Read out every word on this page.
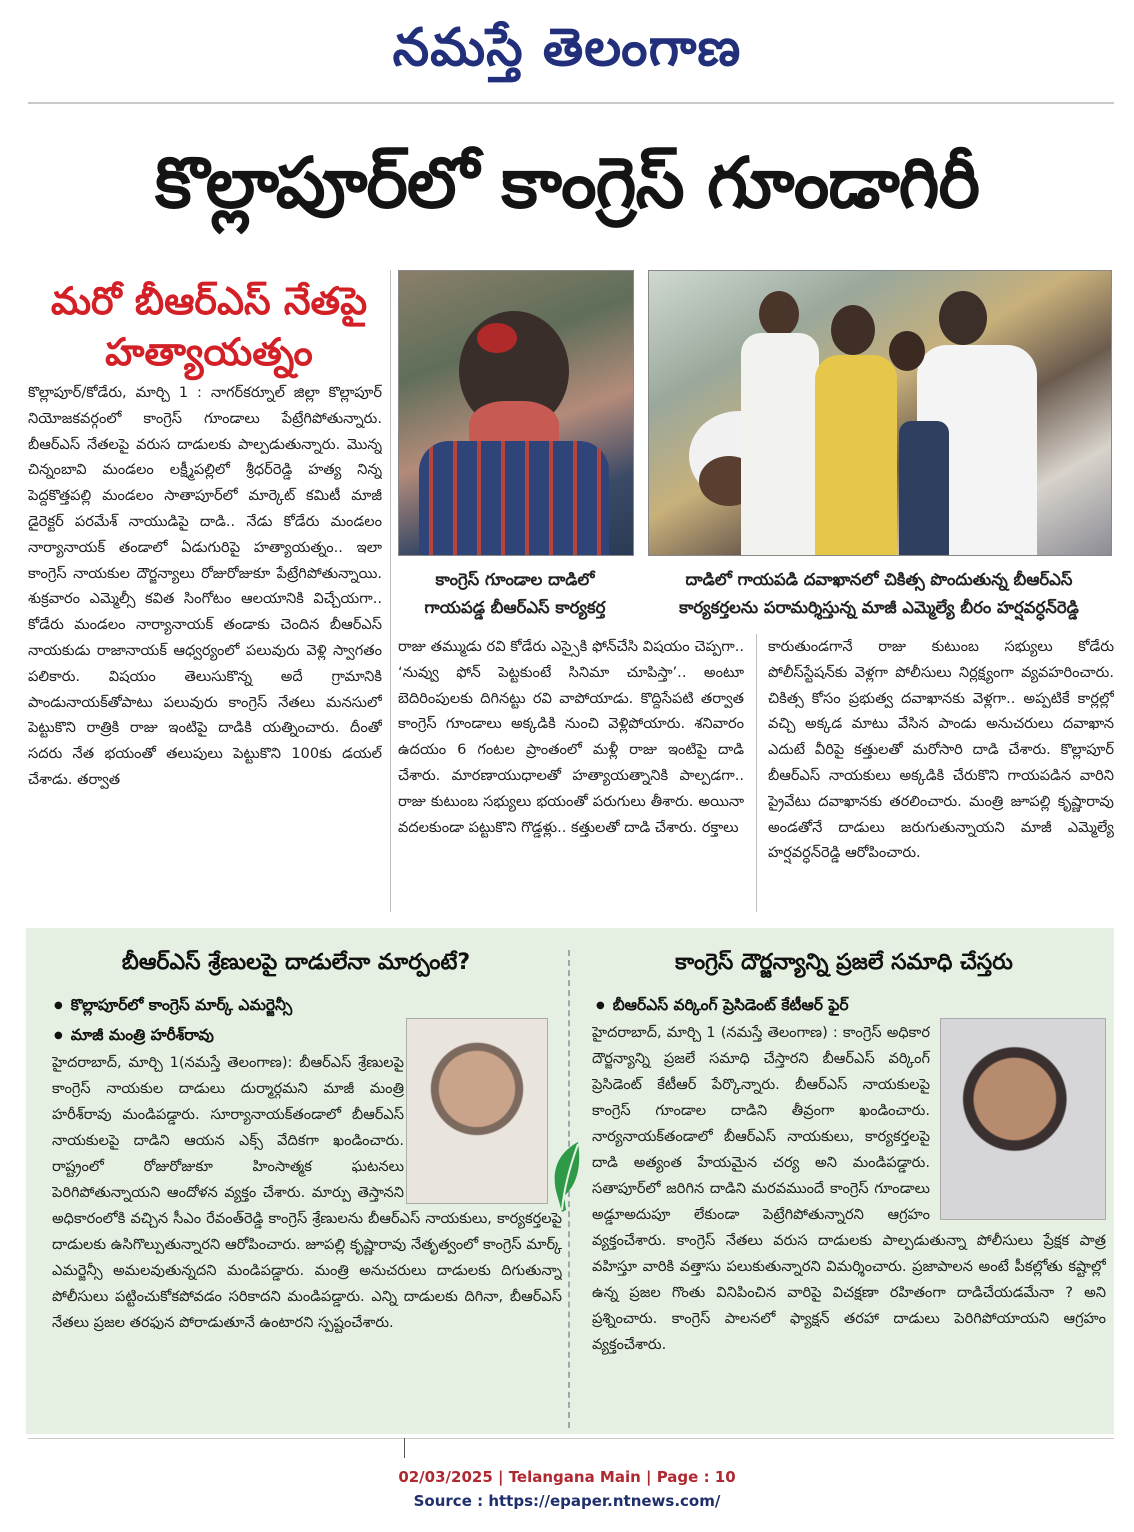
నమస్తే తెలంగాణ
కొల్లాపూర్‌లో కాంగ్రెస్ గూండాగిరీ
మరో బీఆర్‌ఎస్ నేతపై
హత్యాయత్నం
కాంగ్రెస్ గూండాల దాడిలో
గాయపడ్డ బీఆర్‌ఎస్ కార్యకర్త
దాడిలో గాయపడి దవాఖానలో చికిత్స పొందుతున్న బీఆర్‌ఎస్
కార్యకర్తలను పరామర్శిస్తున్న మాజీ ఎమ్మెల్యే బీరం హర్షవర్ధన్‌రెడ్డి
కొల్లాపూర్/కోడేరు, మార్చి 1 : నాగర్‌కర్నూల్ జిల్లా కొల్లాపూర్ నియోజకవర్గంలో కాంగ్రెస్ గూండాలు పేట్రేగిపోతున్నారు. బీఆర్‌ఎస్ నేతలపై వరుస దాడులకు పాల్పడుతున్నారు. మొన్న చిన్నంబావి మండలం లక్ష్మీపల్లిలో శ్రీధర్‌రెడ్డి హత్య నిన్న పెద్దకొత్తపల్లి మండలం సాతాపూర్‌లో మార్కెట్ కమిటీ మాజీ డైరెక్టర్ పరమేశ్ నాయుడిపై దాడి.. నేడు కోడేరు మండలం నార్యానాయక్ తండాలో ఏడుగురిపై హత్యాయత్నం.. ఇలా కాంగ్రెస్ నాయకుల దౌర్జన్యాలు రోజురోజుకూ పేట్రేగిపోతున్నాయి. శుక్రవారం ఎమ్మెల్సీ కవిత సింగోటం ఆలయానికి విచ్చేయగా.. కోడేరు మండలం నార్యానాయక్ తండాకు చెందిన బీఆర్‌ఎస్ నాయకుడు రాజానాయక్ ఆధ్వర్యంలో పలువురు వెళ్లి స్వాగతం పలికారు. విషయం తెలుసుకొన్న అదే గ్రామానికి పాండునాయక్‌తోపాటు పలువురు కాంగ్రెస్ నేతలు మనసులో పెట్టుకొని రాత్రికి రాజు ఇంటిపై దాడికి యత్నించారు. దీంతో సదరు నేత భయంతో తలుపులు పెట్టుకొని 100కు డయల్ చేశాడు. తర్వాత
రాజు తమ్ముడు రవి కోడేరు ఎస్సైకి ఫోన్‌చేసి విషయం చెప్పగా.. ‘నువ్వు ఫోన్ పెట్టకుంటే సినిమా చూపిస్తా’.. అంటూ బెదిరింపులకు దిగినట్టు రవి వాపోయాడు. కొద్దిసేపటి తర్వాత కాంగ్రెస్ గూండాలు అక్కడికి నుంచి వెళ్లిపోయారు. శనివారం ఉదయం 6 గంటల ప్రాంతంలో మళ్లీ రాజు ఇంటిపై దాడి చేశారు. మారణాయుధాలతో హత్యాయత్నానికి పాల్పడగా.. రాజు కుటుంబ సభ్యులు భయంతో పరుగులు తీశారు. అయినా వదలకుండా పట్టుకొని గొడ్డళ్లు.. కత్తులతో దాడి చేశారు. రక్తాలు
కారుతుండగానే రాజు కుటుంబ సభ్యులు కోడేరు పోలీస్‌స్టేషన్‌కు వెళ్లగా పోలీసులు నిర్లక్ష్యంగా వ్యవహరించారు. చికిత్స కోసం ప్రభుత్వ దవాఖానకు వెళ్లగా.. అప్పటికే కార్లల్లో వచ్చి అక్కడ మాటు వేసిన పాండు అనుచరులు దవాఖాన ఎదుటే వీరిపై కత్తులతో మరోసారి దాడి చేశారు. కొల్లాపూర్ బీఆర్‌ఎస్ నాయకులు అక్కడికి చేరుకొని గాయపడిన వారిని ప్రైవేటు దవాఖానకు తరలించారు. మంత్రి జూపల్లి కృష్ణారావు అండతోనే దాడులు జరుగుతున్నాయని మాజీ ఎమ్మెల్యే హర్షవర్ధన్‌రెడ్డి ఆరోపించారు.
బీఆర్‌ఎస్ శ్రేణులపై దాడులేనా మార్పంటే?
● కొల్లాపూర్‌లో కాంగ్రెస్ మార్క్ ఎమర్జెన్సీ
● మాజీ మంత్రి హరీశ్‌రావు
హైదరాబాద్, మార్చి 1(నమస్తే తెలంగాణ): బీఆర్‌ఎస్ శ్రేణులపై కాంగ్రెస్ నాయకుల దాడులు దుర్మార్గమని మాజీ మంత్రి హరీశ్‌రావు మండిపడ్డారు. సూర్యానాయక్‌తండాలో బీఆర్‌ఎస్ నాయకులపై దాడిని ఆయన ఎక్స్ వేదికగా ఖండించారు. రాష్ట్రంలో రోజురోజుకూ హింసాత్మక ఘటనలు పెరిగిపోతున్నాయని ఆందోళన వ్యక్తం చేశారు. మార్పు తెస్తానని అధికారంలోకి వచ్చిన సీఎం రేవంత్‌రెడ్డి కాంగ్రెస్ శ్రేణులను బీఆర్‌ఎస్ నాయకులు, కార్యకర్తలపై దాడులకు ఉసిగొల్పుతున్నారని ఆరోపించారు. జూపల్లి కృష్ణారావు నేతృత్వంలో కాంగ్రెస్ మార్క్ ఎమర్జెన్సీ అమలవుతున్నదని మండిపడ్డారు. మంత్రి అనుచరులు దాడులకు దిగుతున్నా పోలీసులు పట్టించుకోకపోవడం సరికాదని మండిపడ్డారు. ఎన్ని దాడులకు దిగినా, బీఆర్‌ఎస్ నేతలు ప్రజల తరఫున పోరాడుతూనే ఉంటారని స్పష్టంచేశారు.
కాంగ్రెస్ దౌర్జన్యాన్ని ప్రజలే సమాధి చేస్తరు
● బీఆర్‌ఎస్ వర్కింగ్ ప్రెసిడెంట్ కేటీఆర్ ఫైర్
హైదరాబాద్, మార్చి 1 (నమస్తే తెలంగాణ) : కాంగ్రెస్ అధికార దౌర్జన్యాన్ని ప్రజలే సమాధి చేస్తారని బీఆర్‌ఎస్ వర్కింగ్ ప్రెసిడెంట్ కేటీఆర్ పేర్కొన్నారు. బీఆర్‌ఎస్ నాయకులపై కాంగ్రెస్ గూండాల దాడిని తీవ్రంగా ఖండించారు. నార్యనాయక్‌తండాలో బీఆర్‌ఎస్ నాయకులు, కార్యకర్తలపై దాడి అత్యంత హేయమైన చర్య అని మండిపడ్డారు. సతాపూర్‌లో జరిగిన దాడిని మరవముందే కాంగ్రెస్ గూండాలు అడ్డూఅదుపూ లేకుండా పెట్రేగిపోతున్నారని ఆగ్రహం వ్యక్తంచేశారు. కాంగ్రెస్ నేతలు వరుస దాడులకు పాల్పడుతున్నా పోలీసులు ప్రేక్షక పాత్ర వహిస్తూ వారికి వత్తాసు పలుకుతున్నారని విమర్శించారు. ప్రజాపాలన అంటే పీకల్లోతు కష్టాల్లో ఉన్న ప్రజల గొంతు వినిపించిన వారిపై విచక్షణా రహితంగా దాడిచేయడమేనా ? అని ప్రశ్నించారు. కాంగ్రెస్ పాలనలో ఫ్యాక్షన్ తరహా దాడులు పెరిగిపోయాయని ఆగ్రహం వ్యక్తంచేశారు.
02/03/2025 | Telangana Main | Page : 10
Source : https://epaper.ntnews.com/
